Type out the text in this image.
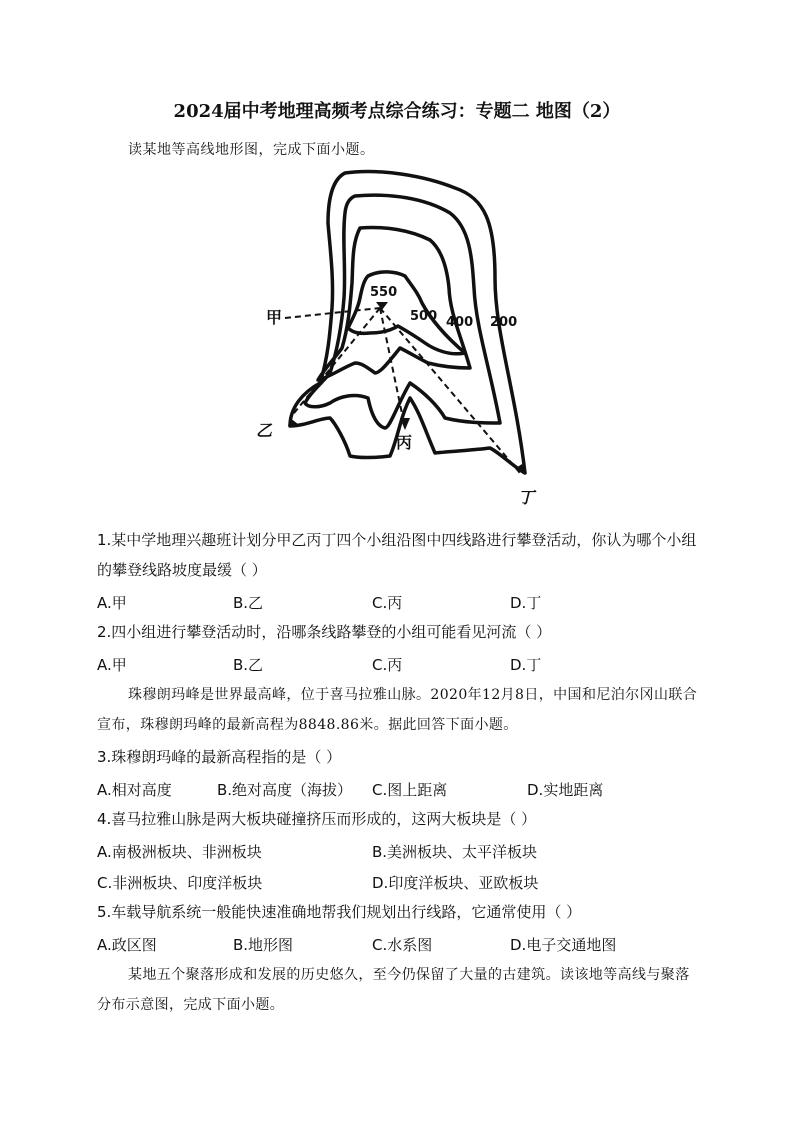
2024届中考地理高频考点综合练习：专题二 地图（2）
读某地等高线地形图，完成下面小题。
甲
乙
丙
丁
550
500 400 200
1.某中学地理兴趣班计划分甲乙丙丁四个小组沿图中四线路进行攀登活动，你认为哪个小组的攀登线路坡度最缓（ ）
A.甲	B.乙	C.丙	D.丁
2.四小组进行攀登活动时，沿哪条线路攀登的小组可能看见河流（ ）
A.甲	B.乙	C.丙	D.丁
珠穆朗玛峰是世界最高峰，位于喜马拉雅山脉。2020年12月8日，中国和尼泊尔冈山联合宣布，珠穆朗玛峰的最新高程为8848.86米。据此回答下面小题。
3.珠穆朗玛峰的最新高程指的是（ ）
A.相对高度	B.绝对高度（海拔） C.图上距离	D.实地距离
4.喜马拉雅山脉是两大板块碰撞挤压而形成的，这两大板块是（ ）
A.南极洲板块、非洲板块	B.美洲板块、太平洋板块
C.非洲板块、印度洋板块	D.印度洋板块、亚欧板块
5.车载导航系统一般能快速准确地帮我们规划出行线路，它通常使用（ ）
A.政区图	B.地形图	C.水系图	D.电子交通地图
某地五个聚落形成和发展的历史悠久，至今仍保留了大量的古建筑。读该地等高线与聚落分布示意图，完成下面小题。
